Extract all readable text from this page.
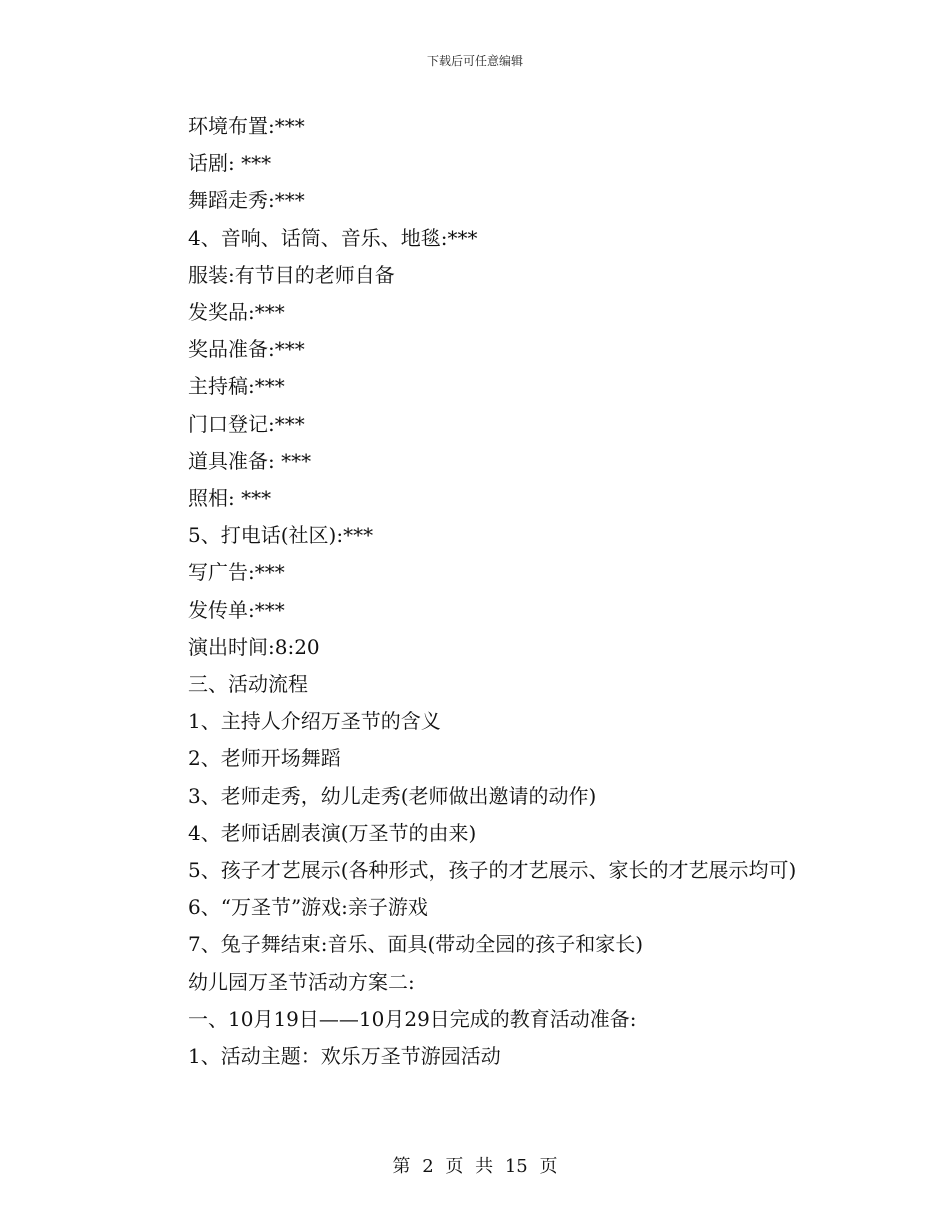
下载后可任意编辑

环境布置:***

话剧: ***

舞蹈走秀:***

4、音响、话筒、音乐、地毯:***

服装:有节目的老师自备

发奖品:***

奖品准备:***

主持稿:***

门口登记:***

道具准备: ***

照相: ***

5、打电话(社区):***

写广告:***

发传单:***

演出时间:8:20

三、活动流程

1、主持人介绍万圣节的含义

2、老师开场舞蹈

3、老师走秀，幼儿走秀(老师做出邀请的动作)

4、老师话剧表演(万圣节的由来)

5、孩子才艺展示(各种形式，孩子的才艺展示、家长的才艺展示均可)

6、“万圣节”游戏:亲子游戏

7、兔子舞结束:音乐、面具(带动全园的孩子和家长)

幼儿园万圣节活动方案二:

一、10月19日——10月29日完成的教育活动准备:

1、活动主题：欢乐万圣节游园活动

第 2 页 共 15 页
